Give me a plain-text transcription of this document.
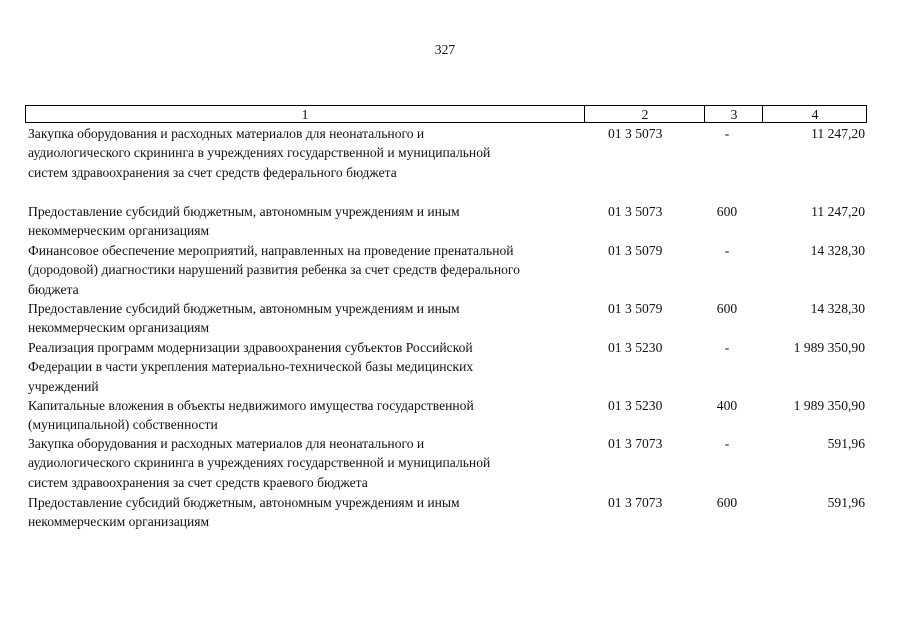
327
1	2	3	4
Закупка оборудования и расходных материалов для неонатального и
аудиологического скрининга в учреждениях государственной и муниципальной
систем здравоохранения за счет средств федерального бюджета
01 3 5073	-	11 247,20
Предоставление субсидий бюджетным, автономным учреждениям и иным
некоммерческим организациям
01 3 5073	600	11 247,20
Финансовое обеспечение мероприятий, направленных на проведение пренатальной
(дородовой) диагностики нарушений развития ребенка за счет средств федерального
бюджета
01 3 5079	-	14 328,30
Предоставление субсидий бюджетным, автономным учреждениям и иным
некоммерческим организациям
01 3 5079	600	14 328,30
Реализация программ модернизации здравоохранения субъектов Российской
Федерации в части укрепления материально-технической базы медицинских
учреждений
01 3 5230	-	1 989 350,90
Капитальные вложения в объекты недвижимого имущества государственной
(муниципальной) собственности
01 3 5230	400	1 989 350,90
Закупка оборудования и расходных материалов для неонатального и
аудиологического скрининга в учреждениях государственной и муниципальной
систем здравоохранения за счет средств краевого бюджета
01 3 7073	-	591,96
Предоставление субсидий бюджетным, автономным учреждениям и иным
некоммерческим организациям
01 3 7073	600	591,96
